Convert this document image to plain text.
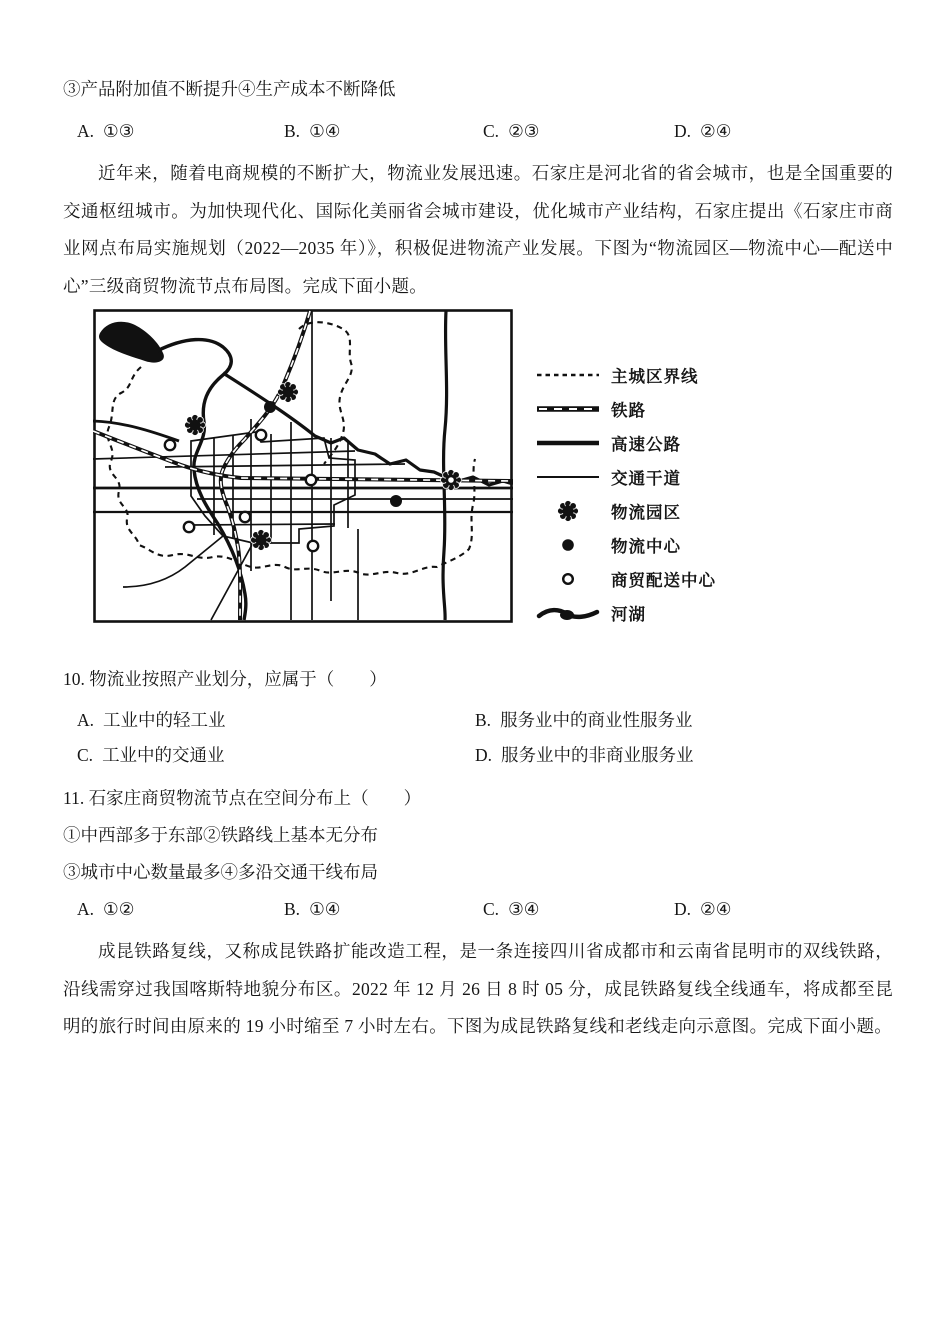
③产品附加值不断提升④生产成本不断降低
A. ①③	B. ①④	C. ②③	D. ②④

近年来，随着电商规模的不断扩大，物流业发展迅速。石家庄是河北省的省会城市，也是全国重要的交通枢纽城市。为加快现代化、国际化美丽省会城市建设，优化城市产业结构，石家庄提出《石家庄市商业网点布局实施规划（2022—2035 年）》，积极促进物流产业发展。下图为“物流园区—物流中心—配送中心”三级商贸物流节点布局图。完成下面小题。

主城区界线
铁路
高速公路
交通干道
物流园区
物流中心
商贸配送中心
河湖
10. 物流业按照产业划分，应属于（　　）
A. 工业中的轻工业	B. 服务业中的商业性服务业
C. 工业中的交通业	D. 服务业中的非商业服务业
11. 石家庄商贸物流节点在空间分布上（　　）
①中西部多于东部②铁路线上基本无分布
③城市中心数量最多④多沿交通干线布局
A. ①②	B. ①④	C. ③④	D. ②④

成昆铁路复线，又称成昆铁路扩能改造工程，是一条连接四川省成都市和云南省昆明市的双线铁路，沿线需穿过我国喀斯特地貌分布区。2022 年 12 月 26 日 8 时 05 分，成昆铁路复线全线通车，将成都至昆明的旅行时间由原来的 19 小时缩至 7 小时左右。下图为成昆铁路复线和老线走向示意图。完成下面小题。
